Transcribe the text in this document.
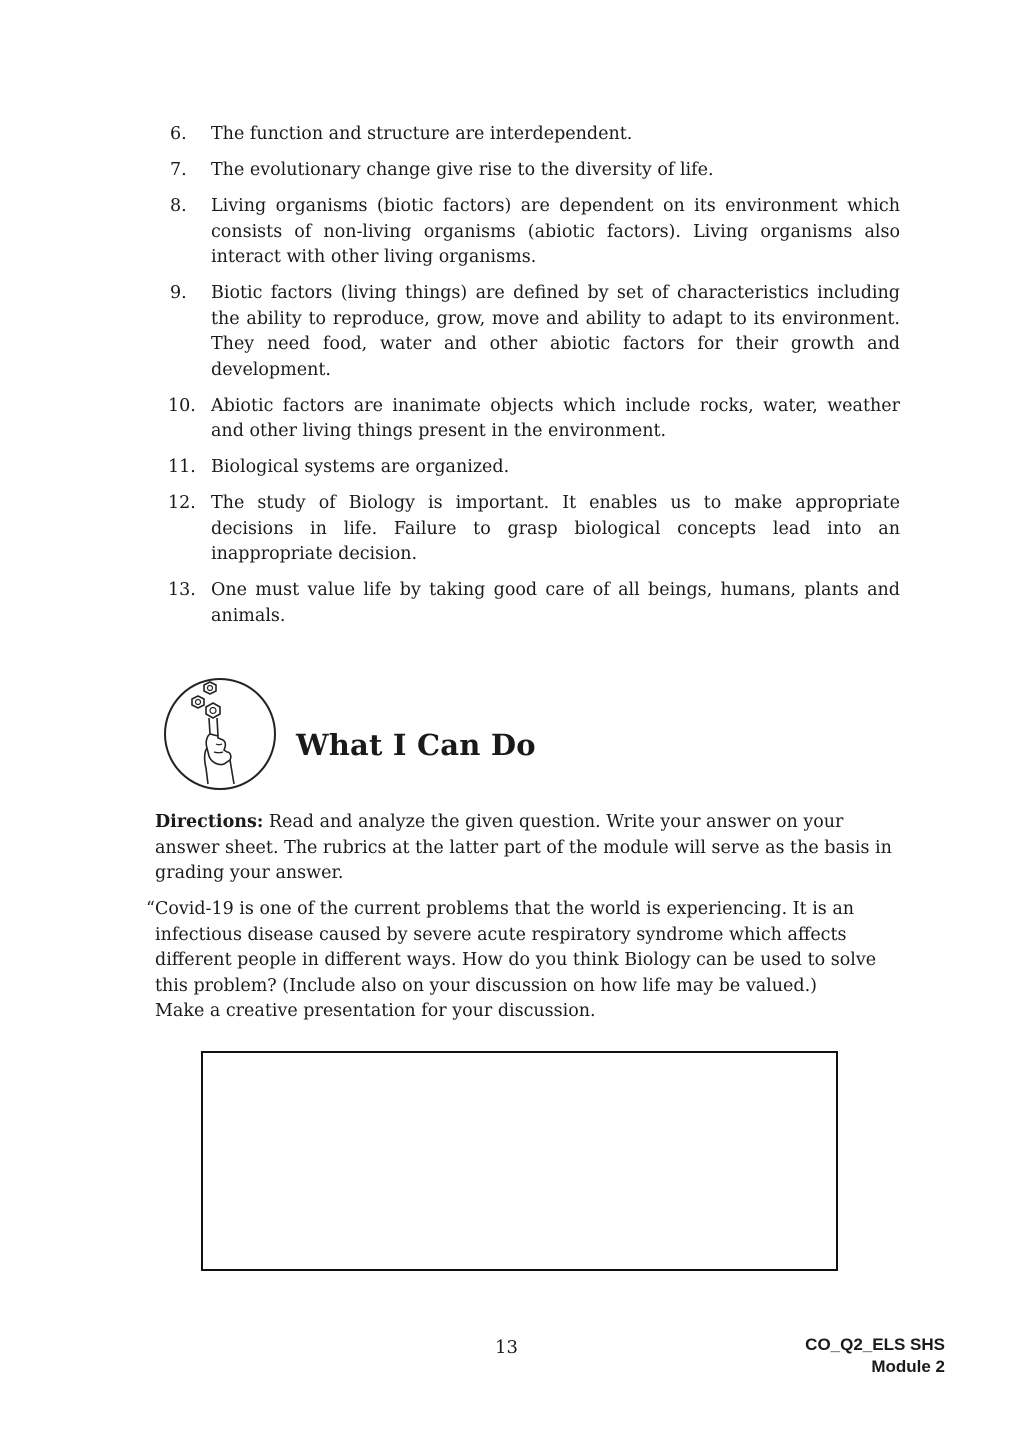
6.	The function and structure are interdependent.
7.	The evolutionary change give rise to the diversity of life.
8.	Living organisms (biotic factors) are dependent on its environment which consists of non-living organisms (abiotic factors). Living organisms also interact with other living organisms.
9.	Biotic factors (living things) are defined by set of characteristics including the ability to reproduce, grow, move and ability to adapt to its environment. They need food, water and other abiotic factors for their growth and development.
10. Abiotic factors are inanimate objects which include rocks, water, weather and other living things present in the environment.
11. Biological systems are organized.
12. The study of Biology is important. It enables us to make appropriate decisions in life. Failure to grasp biological concepts lead into an inappropriate decision.
13. One must value life by taking good care of all beings, humans, plants and animals.
What I Can Do

Directions: Read and analyze the given question. Write your answer on your answer sheet. The rubrics at the latter part of the module will serve as the basis in grading your answer.

“Covid-19 is one of the current problems that the world is experiencing. It is an

infectious disease caused by severe acute respiratory syndrome which affects
different people in different ways. How do you think Biology can be used to solve
this problem? (Include also on your discussion on how life may be valued.)
Make a creative presentation for your discussion.

13	CO_Q2_ELS SHS
Module 2
